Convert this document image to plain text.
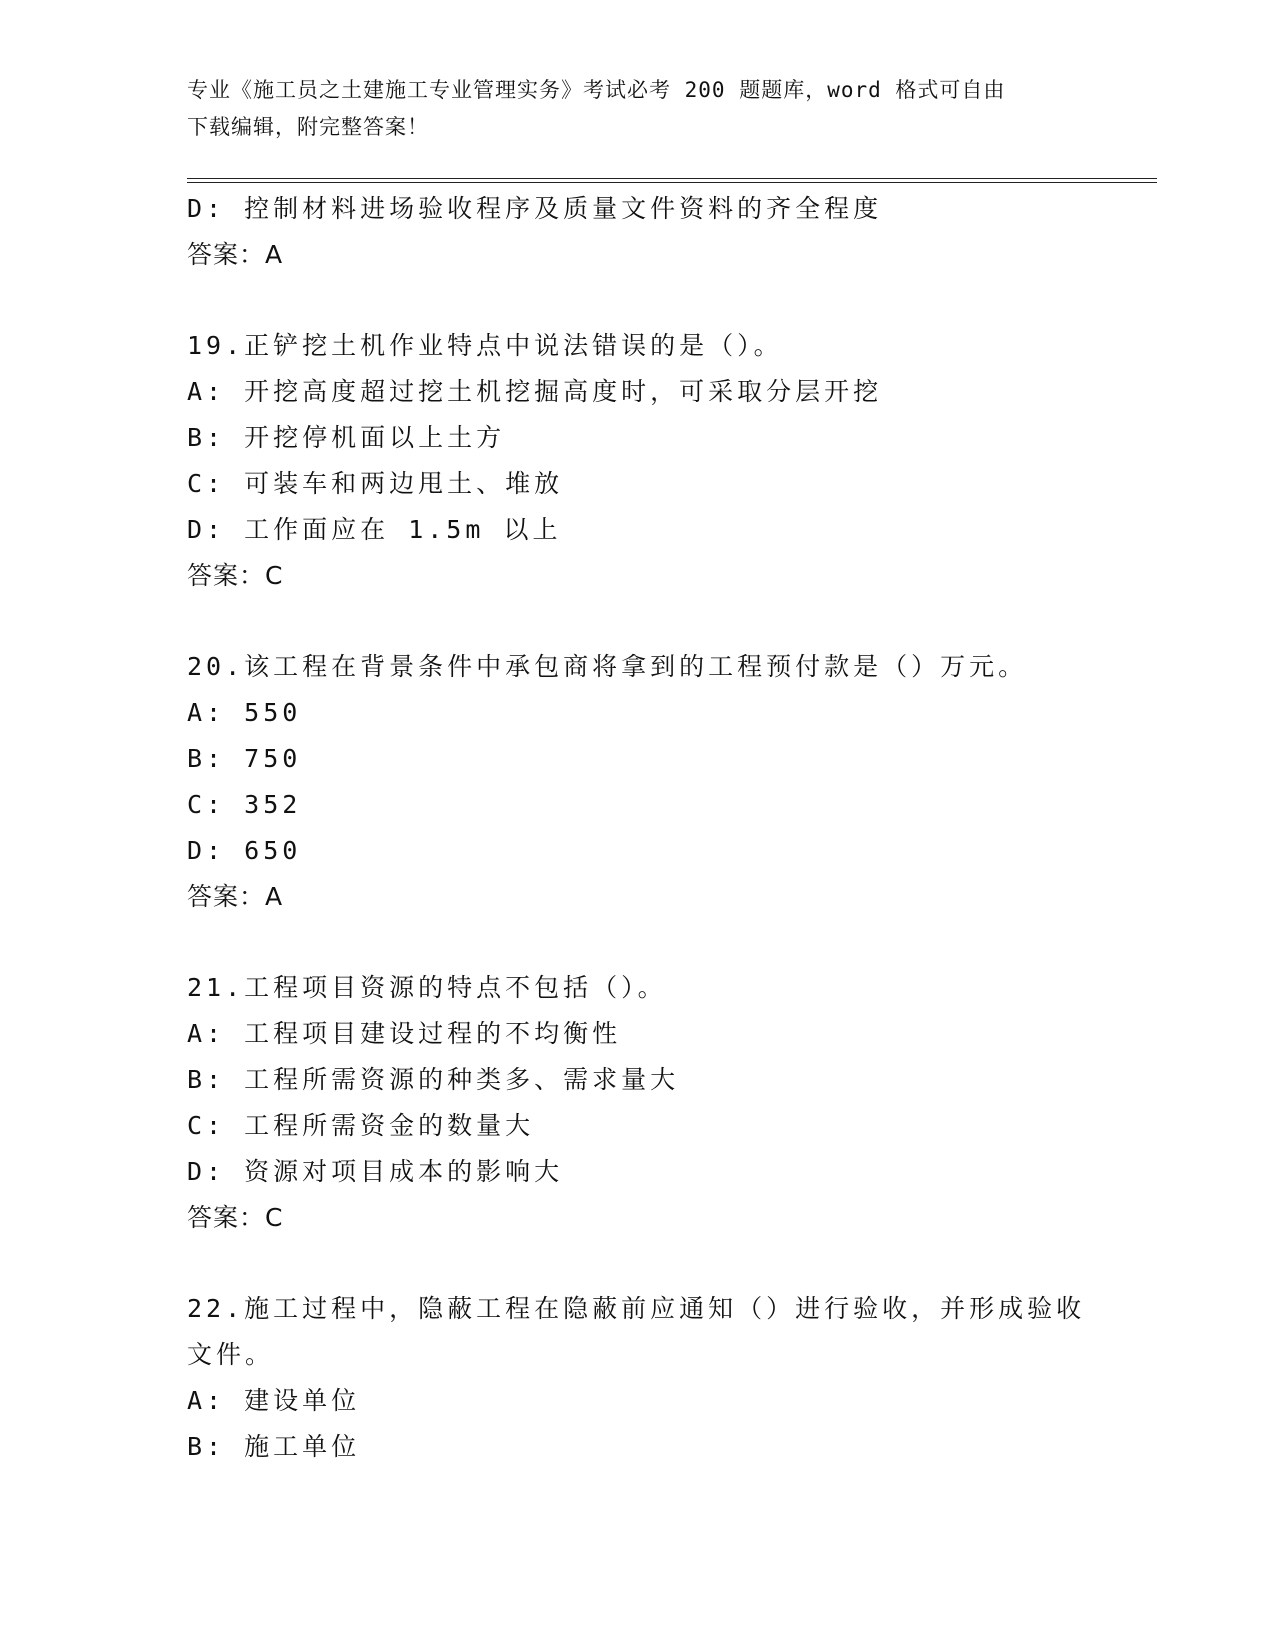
专业《施工员之土建施工专业管理实务》考试必考 200 题题库，word 格式可自由
下载编辑，附完整答案！
D: 控制材料进场验收程序及质量文件资料的齐全程度
答案：A
19.正铲挖土机作业特点中说法错误的是（）。
A: 开挖高度超过挖土机挖掘高度时，可采取分层开挖
B: 开挖停机面以上土方
C: 可装车和两边甩土、堆放
D: 工作面应在 1.5m 以上
答案：C
20.该工程在背景条件中承包商将拿到的工程预付款是（）万元。
A: 550
B: 750
C: 352
D: 650
答案：A
21.工程项目资源的特点不包括（）。
A: 工程项目建设过程的不均衡性
B: 工程所需资源的种类多、需求量大
C: 工程所需资金的数量大
D: 资源对项目成本的影响大
答案：C
22.施工过程中，隐蔽工程在隐蔽前应通知（）进行验收，并形成验收
文件。
A: 建设单位
B: 施工单位
